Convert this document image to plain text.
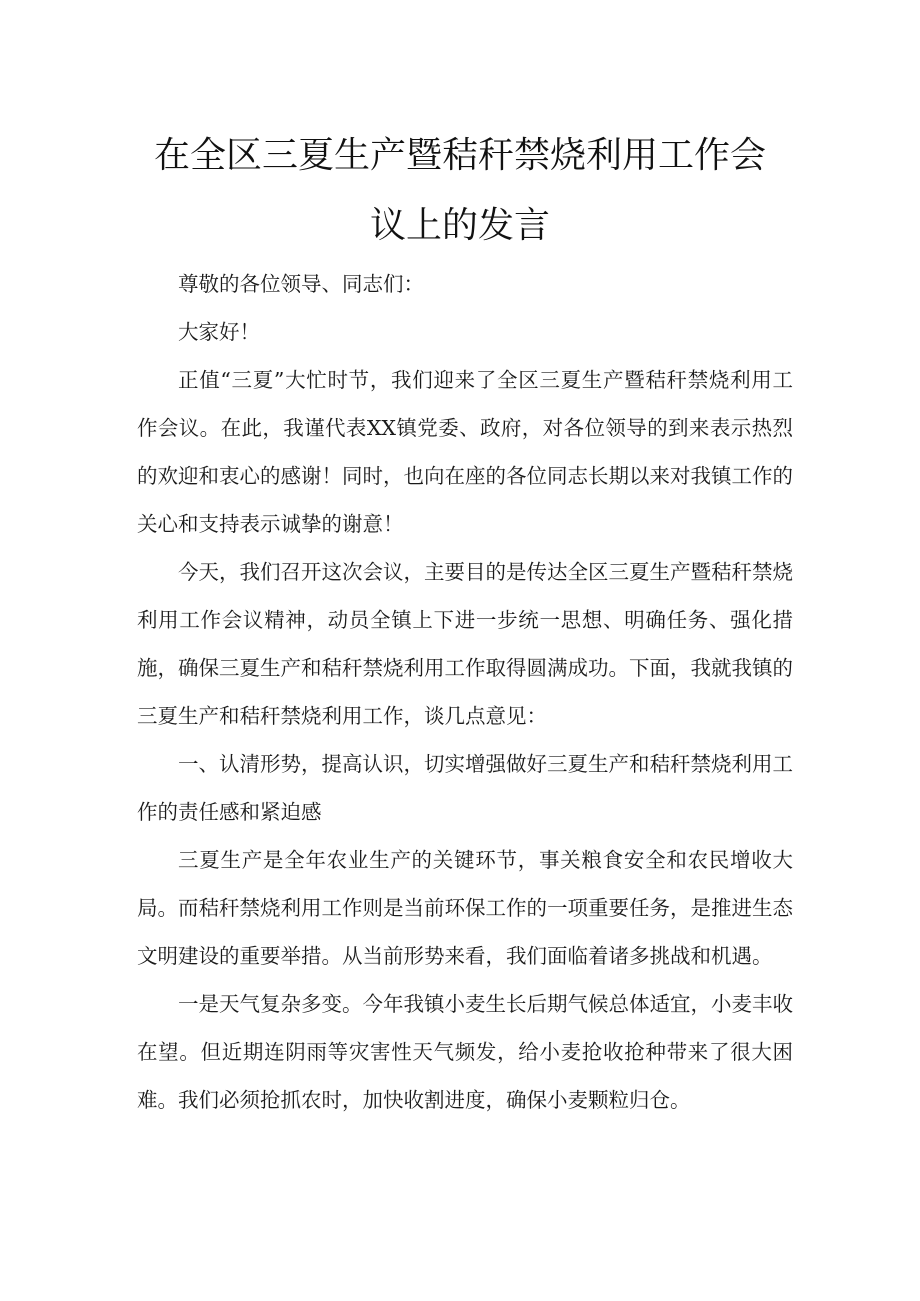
在全区三夏生产暨秸秆禁烧利用工作会
议上的发言

尊敬的各位领导、同志们：

大家好！

正值“三夏”大忙时节，我们迎来了全区三夏生产暨秸秆禁烧利用工作会议。在此，我谨代表XX镇党委、政府，对各位领导的到来表示热烈的欢迎和衷心的感谢！同时，也向在座的各位同志长期以来对我镇工作的关心和支持表示诚挚的谢意！

今天，我们召开这次会议，主要目的是传达全区三夏生产暨秸秆禁烧利用工作会议精神，动员全镇上下进一步统一思想、明确任务、强化措施，确保三夏生产和秸秆禁烧利用工作取得圆满成功。下面，我就我镇的三夏生产和秸秆禁烧利用工作，谈几点意见：

一、认清形势，提高认识，切实增强做好三夏生产和秸秆禁烧利用工作的责任感和紧迫感

三夏生产是全年农业生产的关键环节，事关粮食安全和农民增收大局。而秸秆禁烧利用工作则是当前环保工作的一项重要任务，是推进生态文明建设的重要举措。从当前形势来看，我们面临着诸多挑战和机遇。

一是天气复杂多变。今年我镇小麦生长后期气候总体适宜，小麦丰收在望。但近期连阴雨等灾害性天气频发，给小麦抢收抢种带来了很大困难。我们必须抢抓农时，加快收割进度，确保小麦颗粒归仓。
